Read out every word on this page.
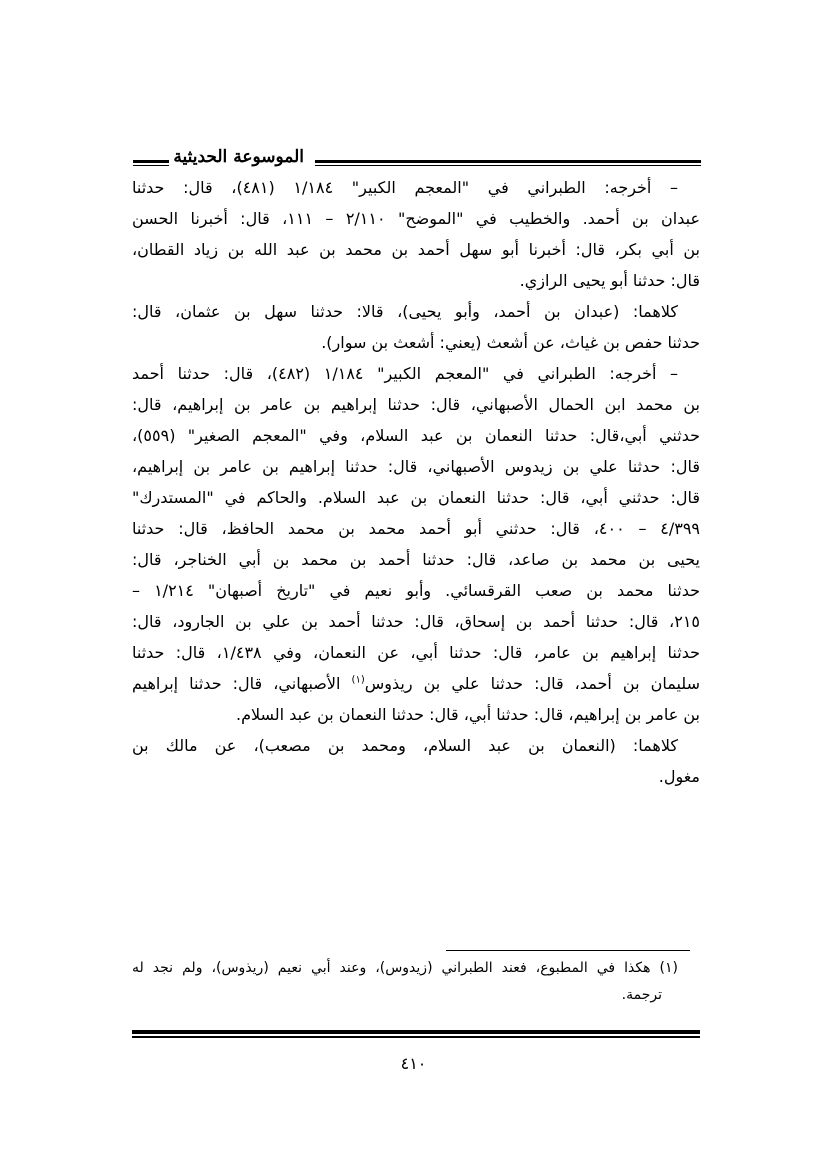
الموسوعة الحديثية
– أخرجه: الطبراني في "المعجم الكبير" ١/١٨٤ (٤٨١)، قال: حدثنا
عبدان بن أحمد. والخطيب في "الموضح" ٢/١١٠ – ١١١، قال: أخبرنا الحسن
بن أبي بكر، قال: أخبرنا أبو سهل أحمد بن محمد بن عبد الله بن زياد القطان،
قال: حدثنا أبو يحيى الرازي.
كلاهما: (عبدان بن أحمد، وأبو يحيى)، قالا: حدثنا سهل بن عثمان، قال:
حدثنا حفص بن غياث، عن أشعث (يعني: أشعث بن سوار).
– أخرجه: الطبراني في "المعجم الكبير" ١/١٨٤ (٤٨٢)، قال: حدثنا أحمد
بن محمد ابن الحمال الأصبهاني، قال: حدثنا إبراهيم بن عامر بن إبراهيم، قال:
حدثني أبي،قال: حدثنا النعمان بن عبد السلام، وفي "المعجم الصغير" (٥٥٩)،
قال: حدثنا علي بن زيدوس الأصبهاني، قال: حدثنا إبراهيم بن عامر بن إبراهيم،
قال: حدثني أبي، قال: حدثنا النعمان بن عبد السلام. والحاكم في "المستدرك"
٤/٣٩٩ – ٤٠٠، قال: حدثني أبو أحمد محمد بن محمد الحافظ، قال: حدثنا
يحيى بن محمد بن صاعد، قال: حدثنا أحمد بن محمد بن أبي الخناجر، قال:
حدثنا محمد بن صعب القرقسائي. وأبو نعيم في "تاريخ أصبهان" ١/٢١٤ –
٢١٥، قال: حدثنا أحمد بن إسحاق، قال: حدثنا أحمد بن علي بن الجارود، قال:
حدثنا إبراهيم بن عامر، قال: حدثنا أبي، عن النعمان، وفي ١/٤٣٨، قال: حدثنا
سليمان بن أحمد، قال: حدثنا علي بن ريذوس$^{(١)}$ الأصبهاني، قال: حدثنا إبراهيم
بن عامر بن إبراهيم، قال: حدثنا أبي، قال: حدثنا النعمان بن عبد السلام.
كلاهما: (النعمان بن عبد السلام، ومحمد بن مصعب)، عن مالك بن
مغول.
(١) هكذا في المطبوع، فعند الطبراني (زيدوس)، وعند أبي نعيم (ريذوس)، ولم نجد له
ترجمة.
٤١٠
